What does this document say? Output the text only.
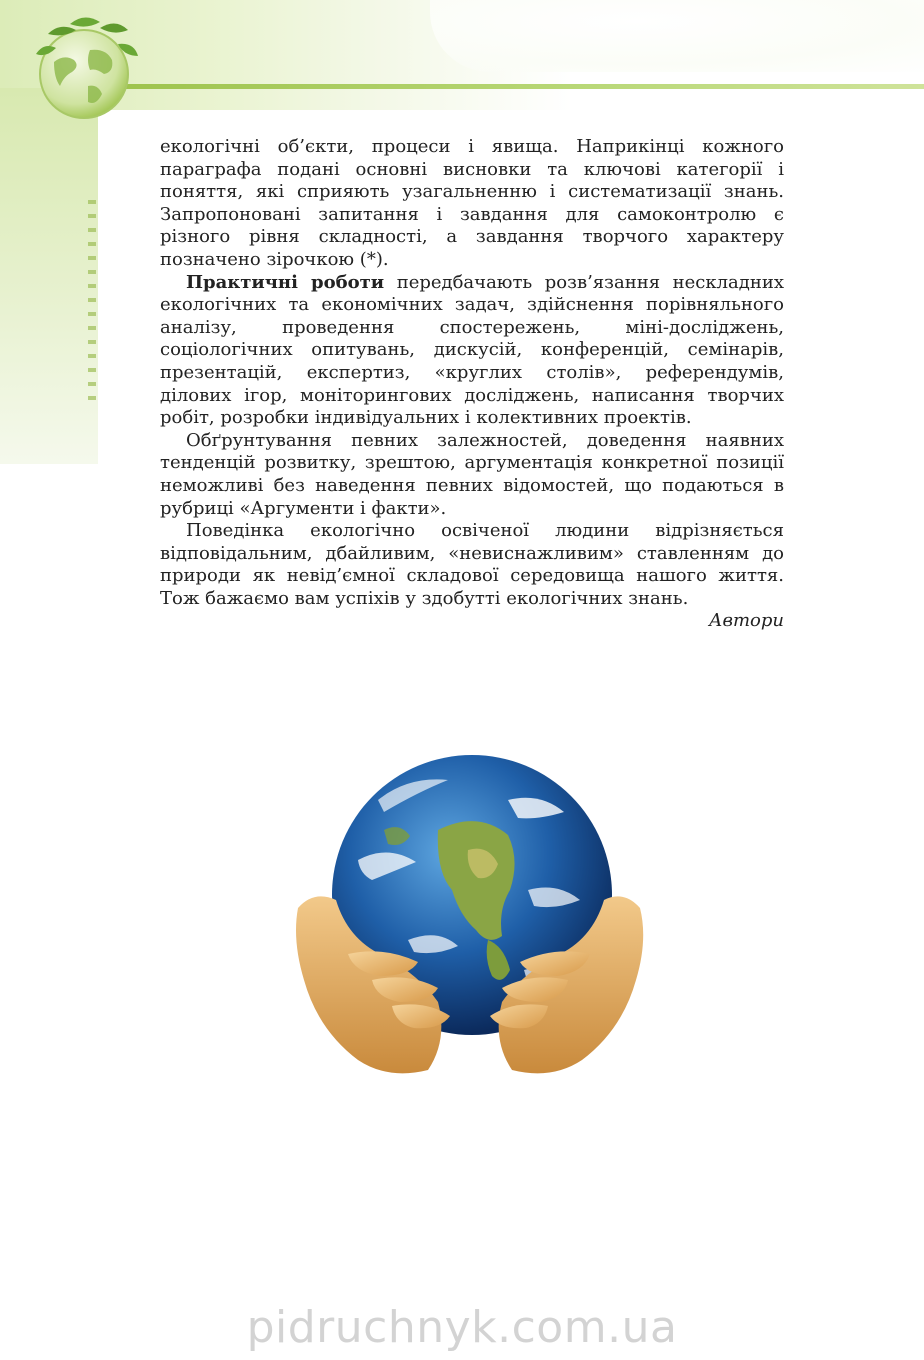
екологічні об’єкти, процеси і явища. Наприкінці кожного параграфа подані основні висновки та ключові категорії і поняття, які сприяють узагальненню і систематизації знань. Запропоновані запитання і завдання для самоконтролю є різного рівня складності, а завдання творчого характеру позначено зірочкою (*).

Практичні роботи передбачають розв’язання нескладних екологічних та економічних задач, здійснення порівняльного аналізу, проведення спостережень, міні-досліджень, соціологічних опитувань, дискусій, конференцій, семінарів, презентацій, експертиз, «круглих столів», референдумів, ділових ігор, моніторингових досліджень, написання творчих робіт, розробки індивідуальних і колективних проектів.

Обґрунтування певних залежностей, доведення наявних тенденцій розвитку, зрештою, аргументація конкретної позиції неможливі без наведення певних відомостей, що подаються в рубриці «Аргументи і факти».

Поведінка екологічно освіченої людини відрізняється відповідальним, дбайливим, «невиснажливим» ставленням до природи як невід’ємної складової середовища нашого життя. Тож бажаємо вам успіхів у здобутті екологічних знань.

Автори

pidruchnyk.com.ua
